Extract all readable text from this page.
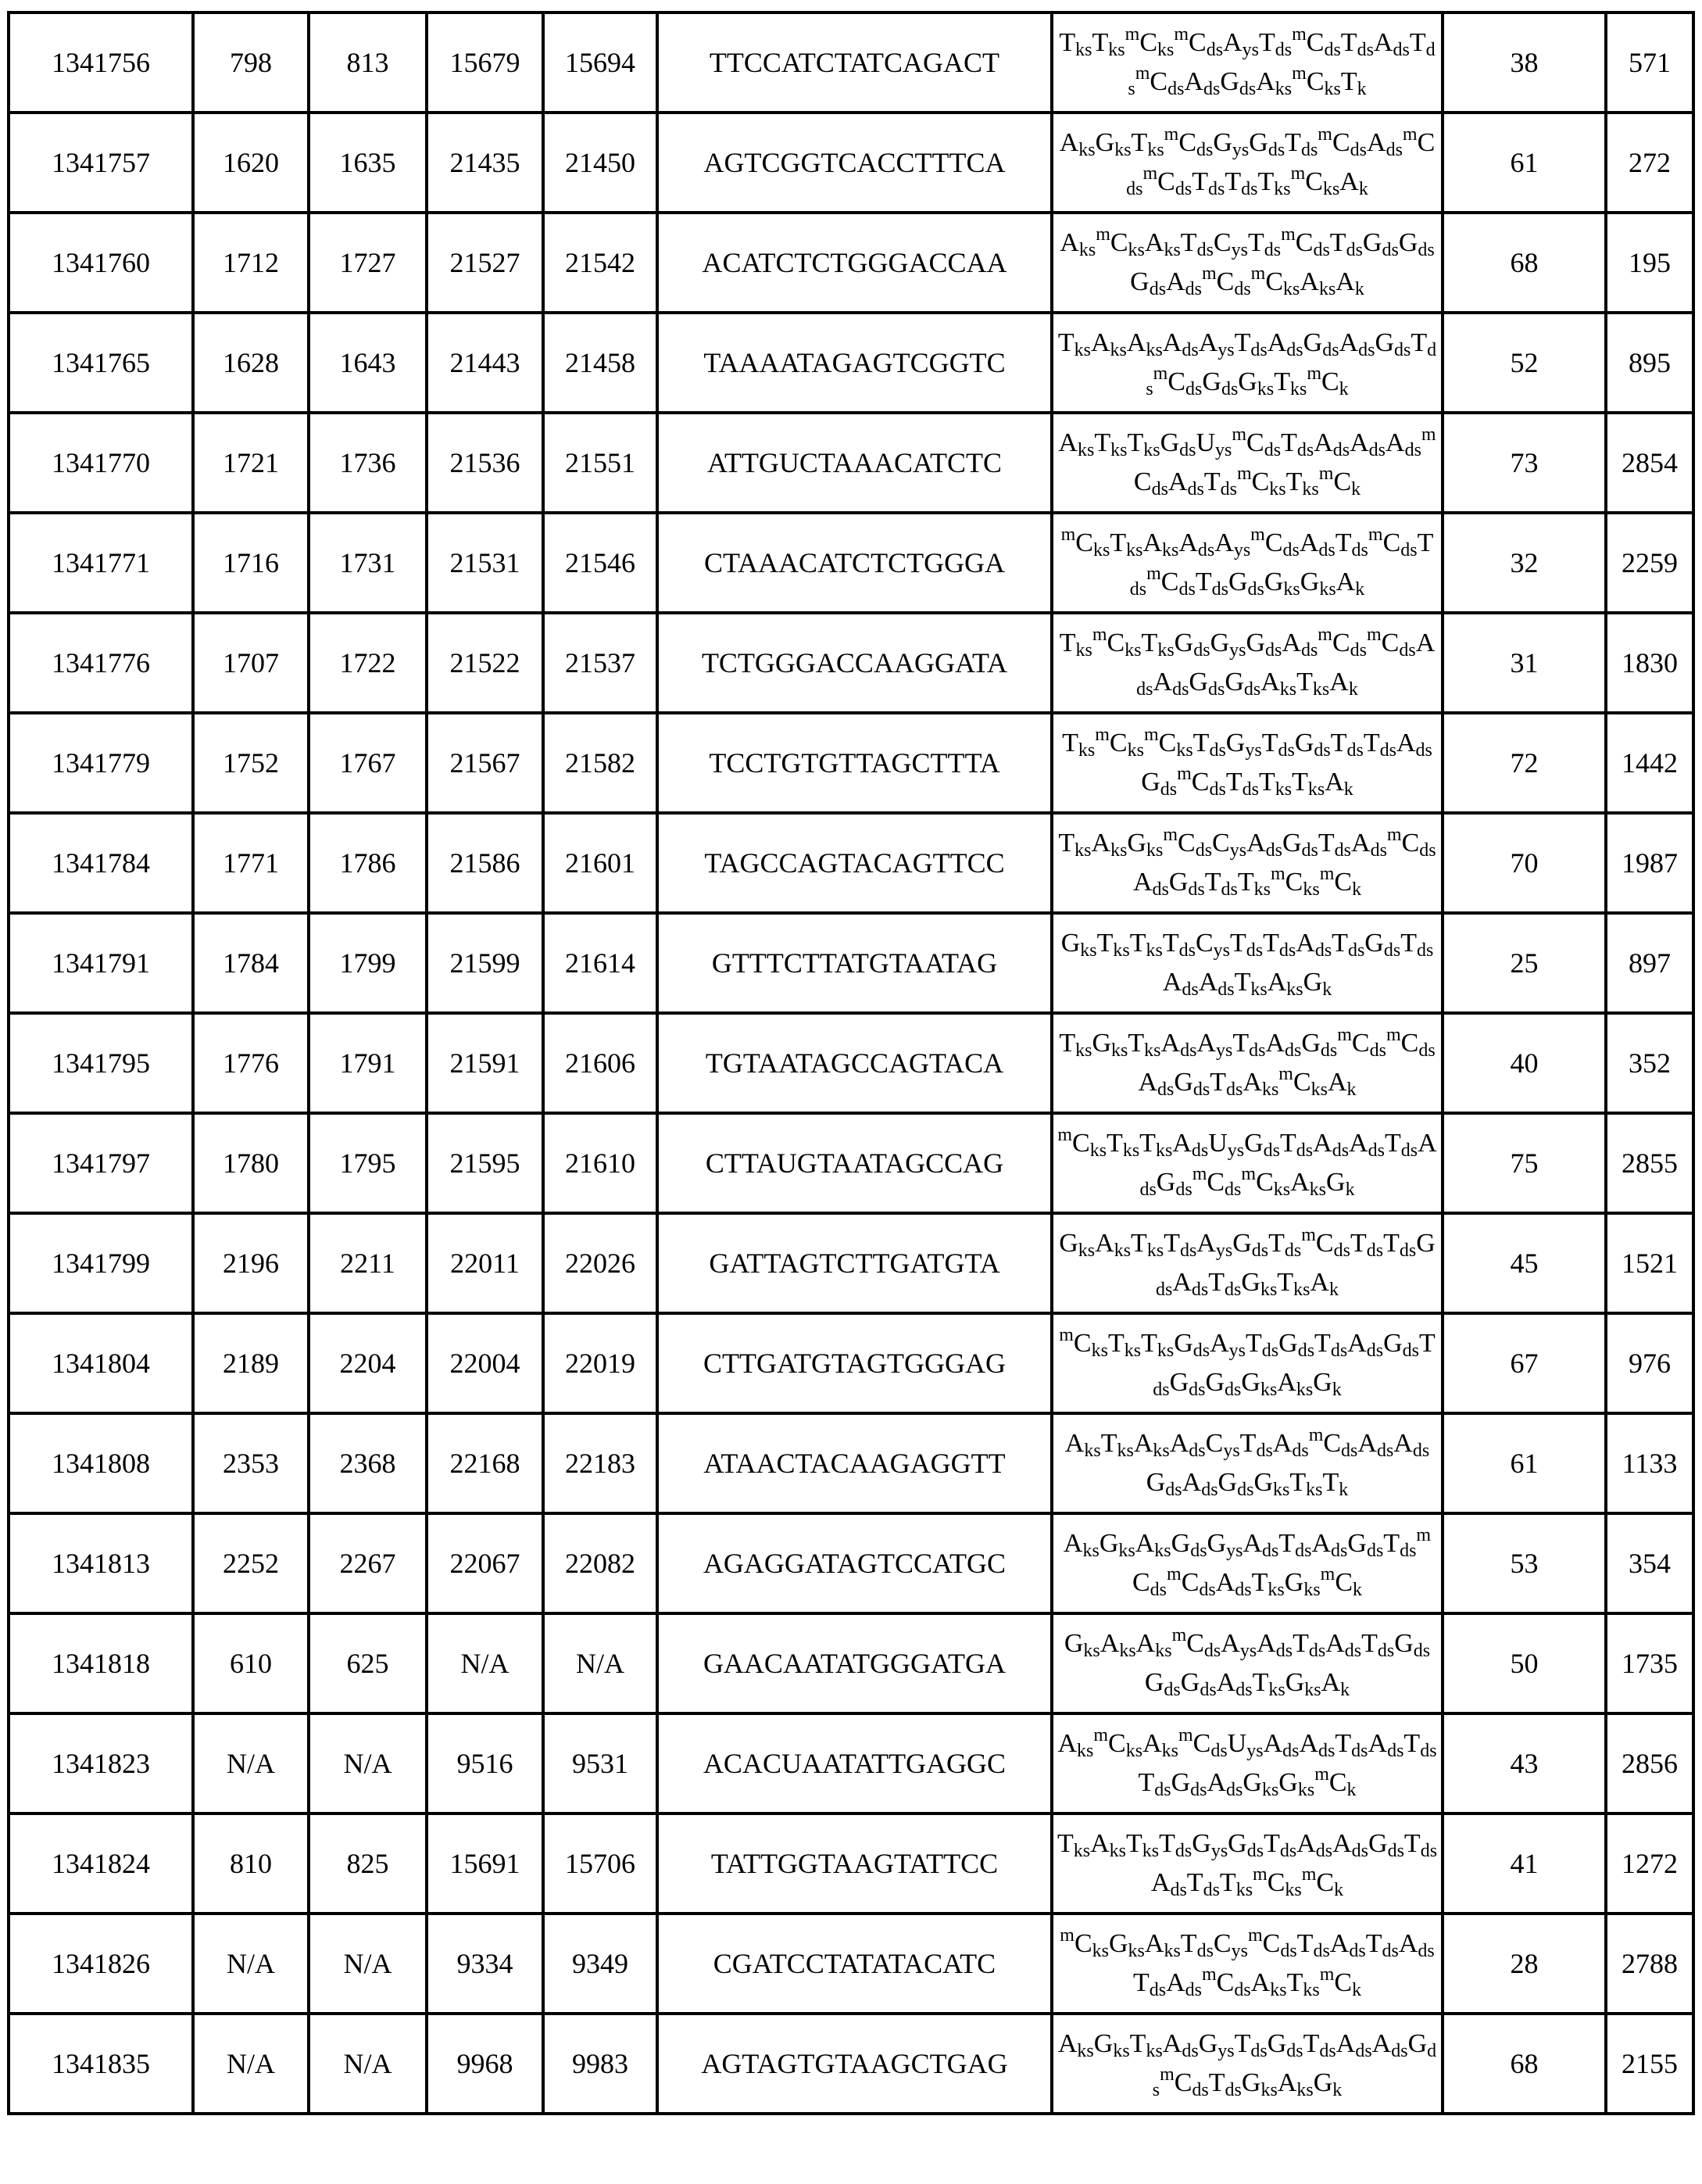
1341756	798	813	15679	15694	TTCCATCTATCAGACT	TksTksmCksmCdsAysTdsmCdsTdsAdsTdsmCdsAdsGdsAksmCksTk	38	571
1341757	1620	1635	21435	21450	AGTCGGTCACCTTTCA	AksGksTksmCdsGysGdsTdsmCdsAdsmCdsmCdsTdsTdsTksmCksAk	61	272
1341760	1712	1727	21527	21542	ACATCTCTGGGACCAA	AksmCksAksTdsCysTdsmCdsTdsGdsGdsGdsAdsmCdsmCksAksAk	68	195
1341765	1628	1643	21443	21458	TAAAATAGAGTCGGTC	TksAksAksAdsAysTdsAdsGdsAdsGdsTdsmCdsGdsGksTksmCk	52	895
1341770	1721	1736	21536	21551	ATTGUCTAAACATCTC	AksTksTksGdsUysmCdsTdsAdsAdsAdsmCdsAdsTdsmCksTksmCk	73	2854
1341771	1716	1731	21531	21546	CTAAACATCTCTGGGA	mCksTksAksAdsAysmCdsAdsTdsmCdsTdsmCdsTdsGdsGksGksAk	32	2259
1341776	1707	1722	21522	21537	TCTGGGACCAAGGATA	TksmCksTksGdsGysGdsAdsmCdsmCdsAdsAdsGdsGdsAksTksAk	31	1830
1341779	1752	1767	21567	21582	TCCTGTGTTAGCTTTA	TksmCksmCksTdsGysTdsGdsTdsTdsAdsGdsmCdsTdsTksTksAk	72	1442
1341784	1771	1786	21586	21601	TAGCCAGTACAGTTCC	TksAksGksmCdsCysAdsGdsTdsAdsmCdsAdsGdsTdsTksmCksmCk	70	1987
1341791	1784	1799	21599	21614	GTTTCTTATGTAATAG	GksTksTksTdsCysTdsTdsAdsTdsGdsTdsAdsAdsTksAksGk	25	897
1341795	1776	1791	21591	21606	TGTAATAGCCAGTACA	TksGksTksAdsAysTdsAdsGdsmCdsmCdsAdsGdsTdsAksmCksAk	40	352
1341797	1780	1795	21595	21610	CTTAUGTAATAGCCAG	mCksTksTksAdsUysGdsTdsAdsAdsTdsAdsGdsmCdsmCksAksGk	75	2855
1341799	2196	2211	22011	22026	GATTAGTCTTGATGTA	GksAksTksTdsAysGdsTdsmCdsTdsTdsGdsAdsTdsGksTksAk	45	1521
1341804	2189	2204	22004	22019	CTTGATGTAGTGGGAG	mCksTksTksGdsAysTdsGdsTdsAdsGdsTdsGdsGdsGksAksGk	67	976
1341808	2353	2368	22168	22183	ATAACTACAAGAGGTT	AksTksAksAdsCysTdsAdsmCdsAdsAdsGdsAdsGdsGksTksTk	61	1133
1341813	2252	2267	22067	22082	AGAGGATAGTCCATGC	AksGksAksGdsGysAdsTdsAdsGdsTdsmCdsmCdsAdsTksGksmCk	53	354
1341818	610	625	N/A	N/A	GAACAATATGGGATGA	GksAksAksmCdsAysAdsTdsAdsTdsGdsGdsGdsAdsTksGksAk	50	1735
1341823	N/A	N/A	9516	9531	ACACUAATATTGAGGC	AksmCksAksmCdsUysAdsAdsTdsAdsTdsTdsGdsAdsGksGksmCk	43	2856
1341824	810	825	15691	15706	TATTGGTAAGTATTCC	TksAksTksTdsGysGdsTdsAdsAdsGdsTdsAdsTdsTksmCksmCk	41	1272
1341826	N/A	N/A	9334	9349	CGATCCTATATACATC	mCksGksAksTdsCysmCdsTdsAdsTdsAdsTdsAdsmCdsAksTksmCk	28	2788
1341835	N/A	N/A	9968	9983	AGTAGTGTAAGCTGAG	AksGksTksAdsGysTdsGdsTdsAdsAdsGdsmCdsTdsGksAksGk	68	2155
